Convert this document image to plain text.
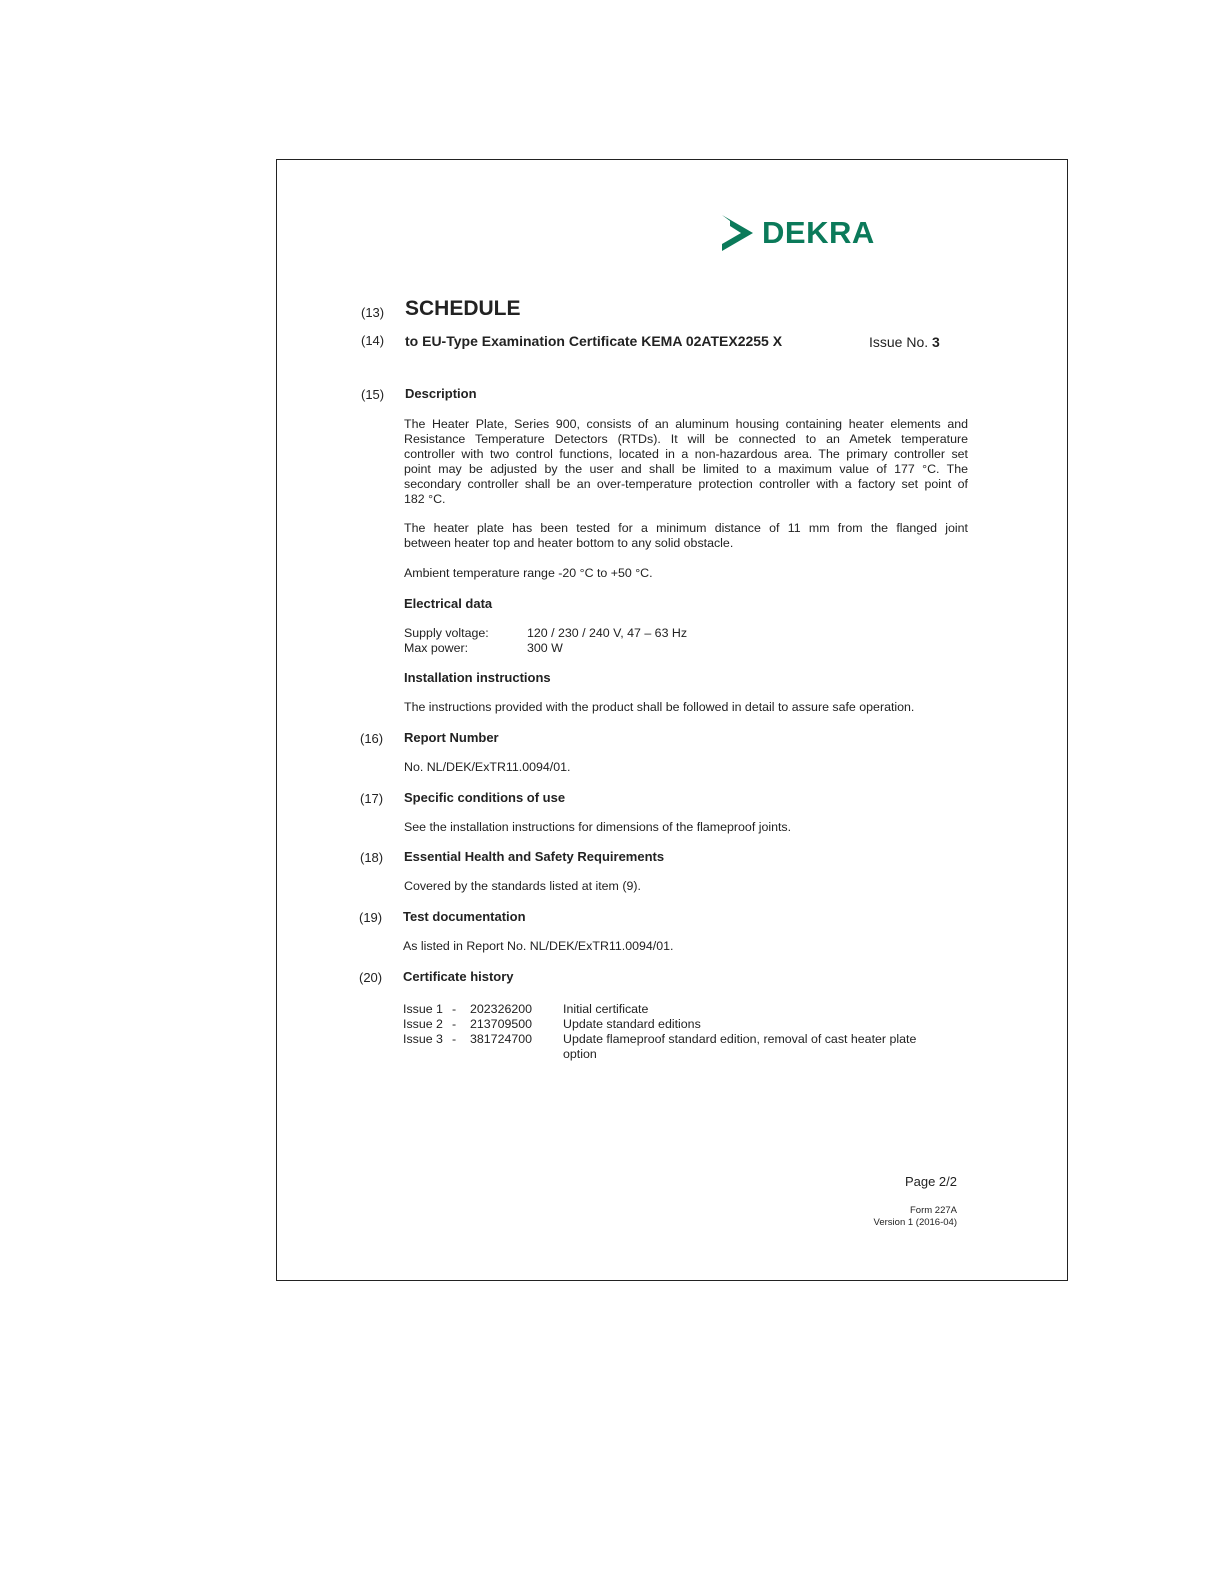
DEKRA
(13) SCHEDULE
(14) to EU-Type Examination Certificate KEMA 02ATEX2255 X	Issue No. 3
(15) Description
The Heater Plate, Series 900, consists of an aluminum housing containing heater elements and
Resistance Temperature Detectors (RTDs). It will be connected to an Ametek temperature
controller with two control functions, located in a non-hazardous area. The primary controller set
point may be adjusted by the user and shall be limited to a maximum value of 177 °C. The
secondary controller shall be an over-temperature protection controller with a factory set point of
182 °C.
The heater plate has been tested for a minimum distance of 11 mm from the flanged joint
between heater top and heater bottom to any solid obstacle.
Ambient temperature range -20 °C to +50 °C.
Electrical data
Supply voltage:	120 / 230 / 240 V, 47 – 63 Hz
Max power:	300 W
Installation instructions
The instructions provided with the product shall be followed in detail to assure safe operation.
(16) Report Number
No. NL/DEK/ExTR11.0094/01.
(17) Specific conditions of use
See the installation instructions for dimensions of the flameproof joints.
(18) Essential Health and Safety Requirements
Covered by the standards listed at item (9).
(19) Test documentation
As listed in Report No. NL/DEK/ExTR11.0094/01.
(20) Certificate history
Issue 1 - 202326200 Initial certificate
Issue 2 - 213709500 Update standard editions
Issue 3 - 381724700 Update flameproof standard edition, removal of cast heater plate
option
Page 2/2
Form 227A
Version 1 (2016-04)
